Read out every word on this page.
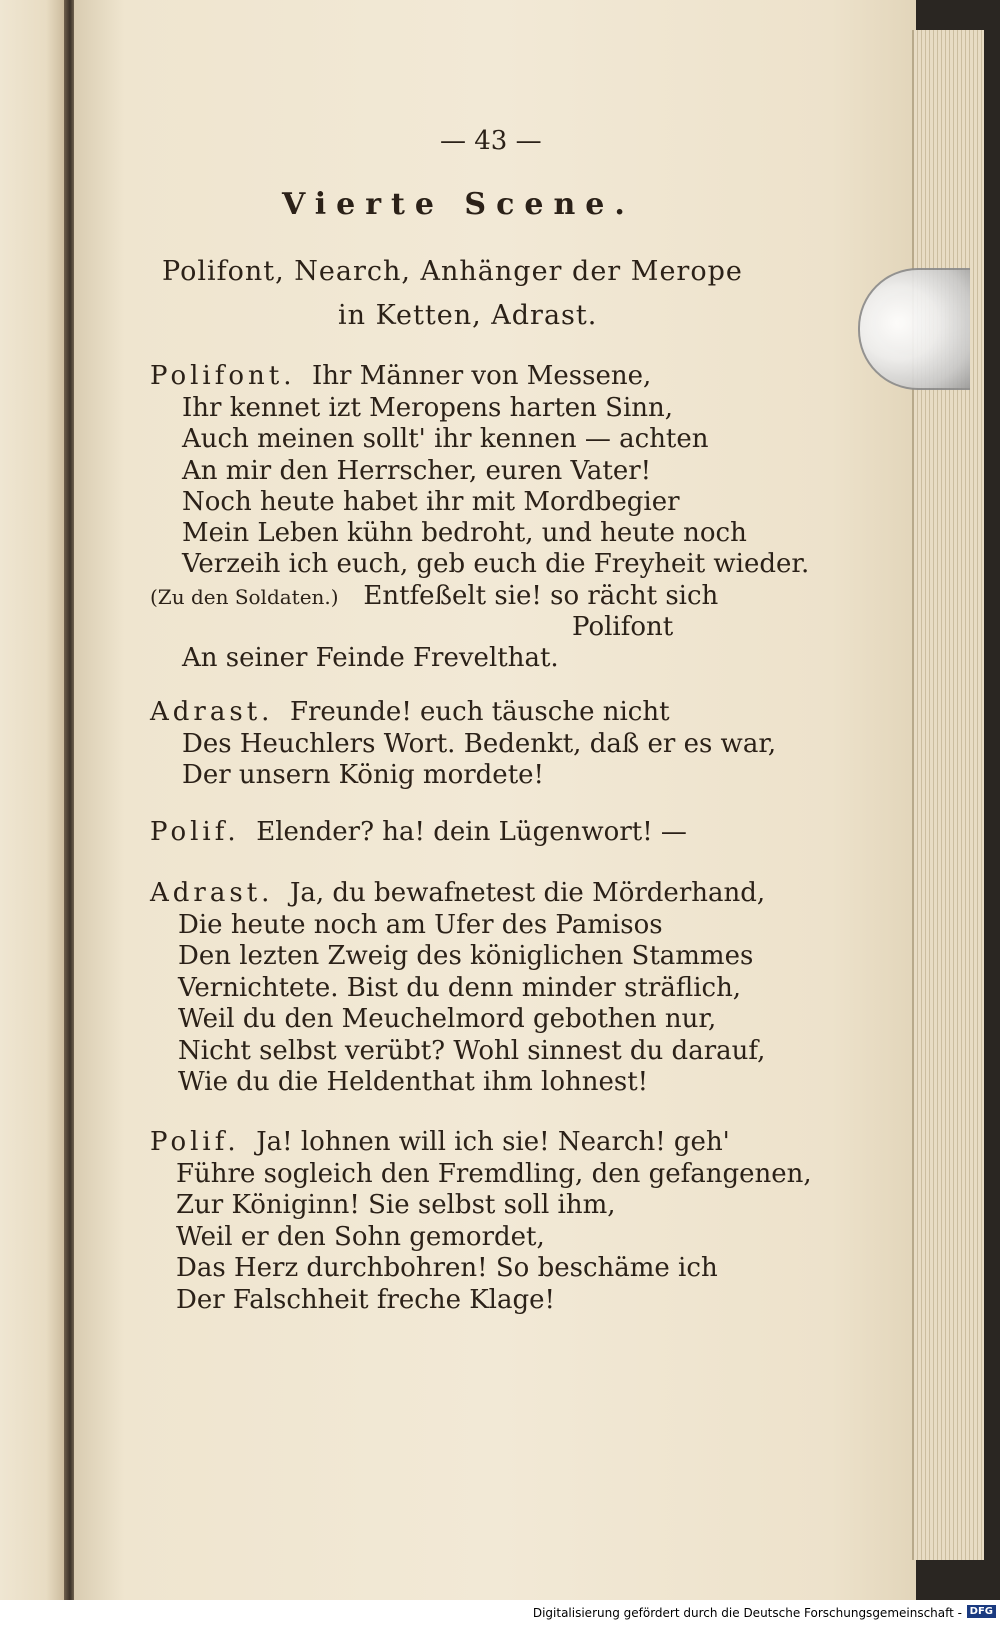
— 43 —
Vierte Scene.
Polifont, Nearch, Anhänger der Merope
in Ketten, Adrast.
Polifont. Ihr Männer von Messene,
Ihr kennet izt Meropens harten Sinn,
Auch meinen sollt' ihr kennen — achten
An mir den Herrscher, euren Vater!
Noch heute habet ihr mit Mordbegier
Mein Leben kühn bedroht, und heute noch
Verzeih ich euch, geb euch die Freyheit wieder.
(Zu den Soldaten.) Entfeßelt sie! so rächt sich
Polifont
An seiner Feinde Frevelthat.
Adrast. Freunde! euch täusche nicht
Des Heuchlers Wort. Bedenkt, daß er es war,
Der unsern König mordete!
Polif. Elender? ha! dein Lügenwort! —
Adrast. Ja, du bewafnetest die Mörderhand,
Die heute noch am Ufer des Pamisos
Den lezten Zweig des königlichen Stammes
Vernichtete. Bist du denn minder sträflich,
Weil du den Meuchelmord gebothen nur,
Nicht selbst verübt? Wohl sinnest du darauf,
Wie du die Heldenthat ihm lohnest!
Polif. Ja! lohnen will ich sie! Nearch! geh'
Führe sogleich den Fremdling, den gefangenen,
Zur Königinn! Sie selbst soll ihm,
Weil er den Sohn gemordet,
Das Herz durchbohren! So beschäme ich
Der Falschheit freche Klage!
Digitalisierung gefördert durch die Deutsche Forschungsgemeinschaft - DFG
